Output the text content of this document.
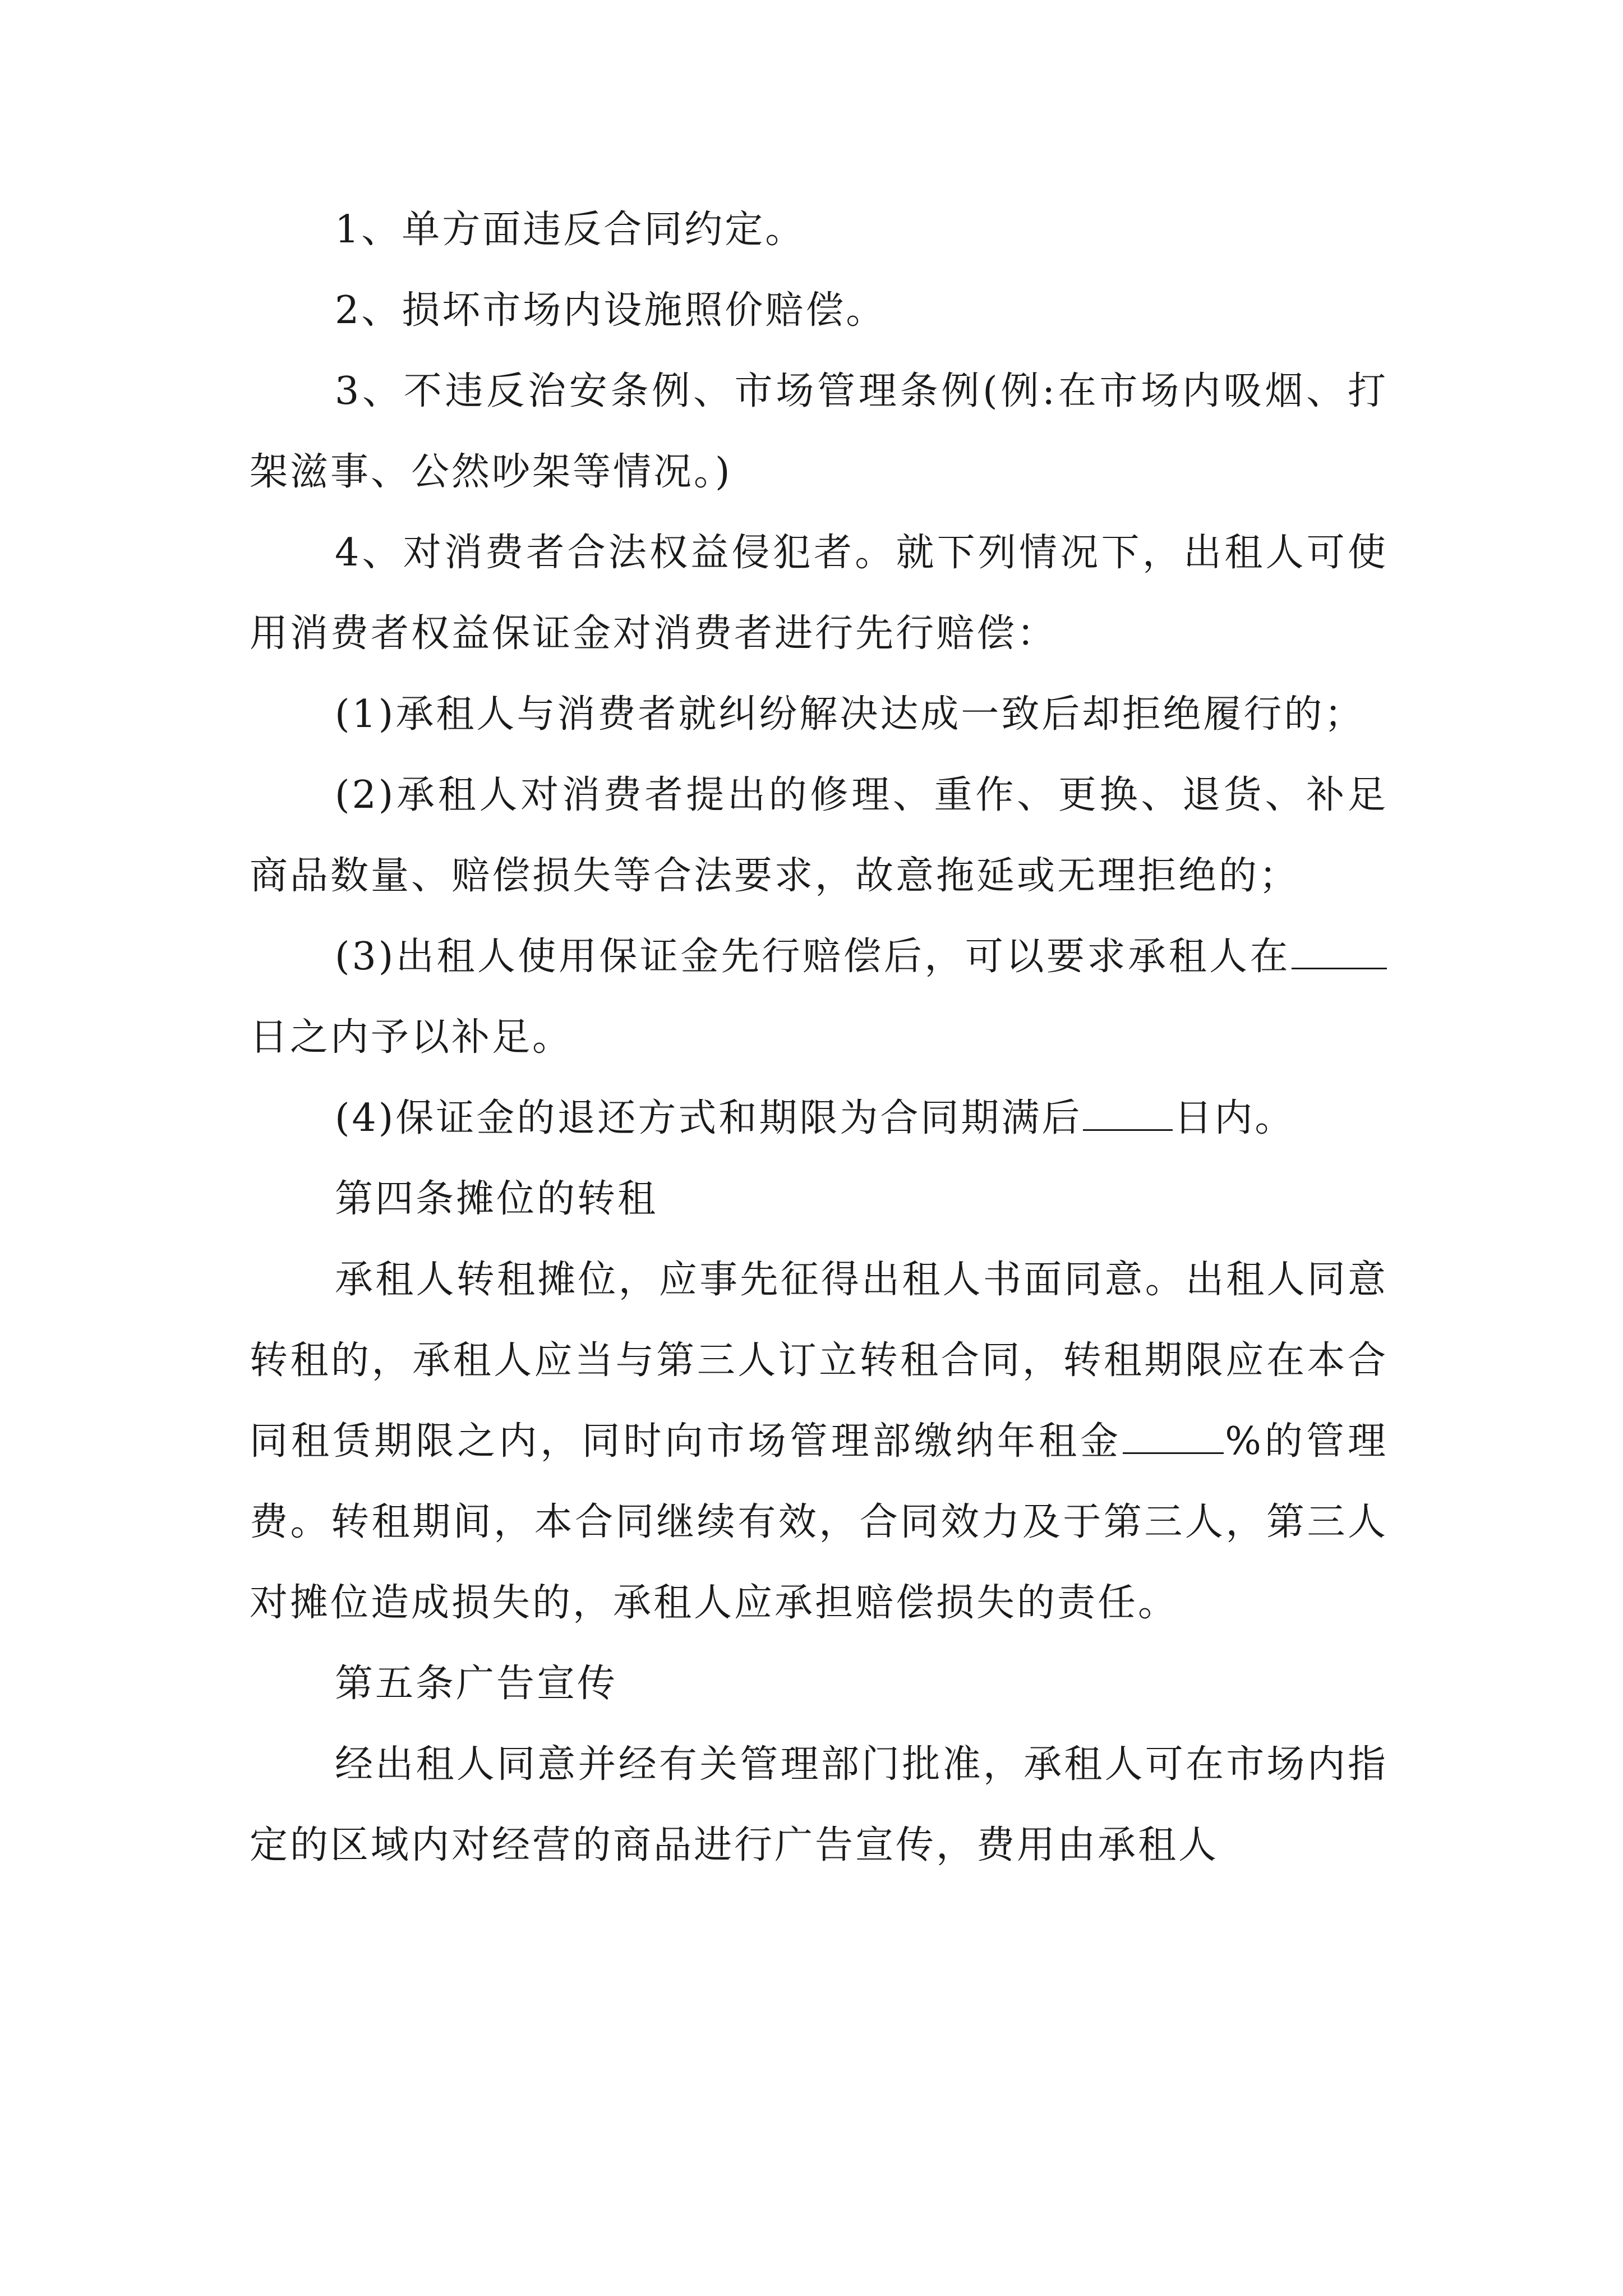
1、单方面违反合同约定。

2、损坏市场内设施照价赔偿。

3、不违反治安条例、市场管理条例(例:在市场内吸烟、打架滋事、公然吵架等情况。)

4、对消费者合法权益侵犯者。就下列情况下，出租人可使用消费者权益保证金对消费者进行先行赔偿：

(1)承租人与消费者就纠纷解决达成一致后却拒绝履行的；

(2)承租人对消费者提出的修理、重作、更换、退货、补足商品数量、赔偿损失等合法要求，故意拖延或无理拒绝的；

(3)出租人使用保证金先行赔偿后，可以要求承租人在日之内予以补足。

(4)保证金的退还方式和期限为合同期满后 日内。

第四条摊位的转租

承租人转租摊位，应事先征得出租人书面同意。出租人同意转租的，承租人应当与第三人订立转租合同，转租期限应在本合同租赁期限之内，同时向市场管理部缴纳年租金	%的管理费。转租期间，本合同继续有效，合同效力及于第三人，第三人对摊位造成损失的，承租人应承担赔偿损失的责任。

第五条广告宣传

经出租人同意并经有关管理部门批准，承租人可在市场内指定的区域内对经营的商品进行广告宣传，费用由承租人
